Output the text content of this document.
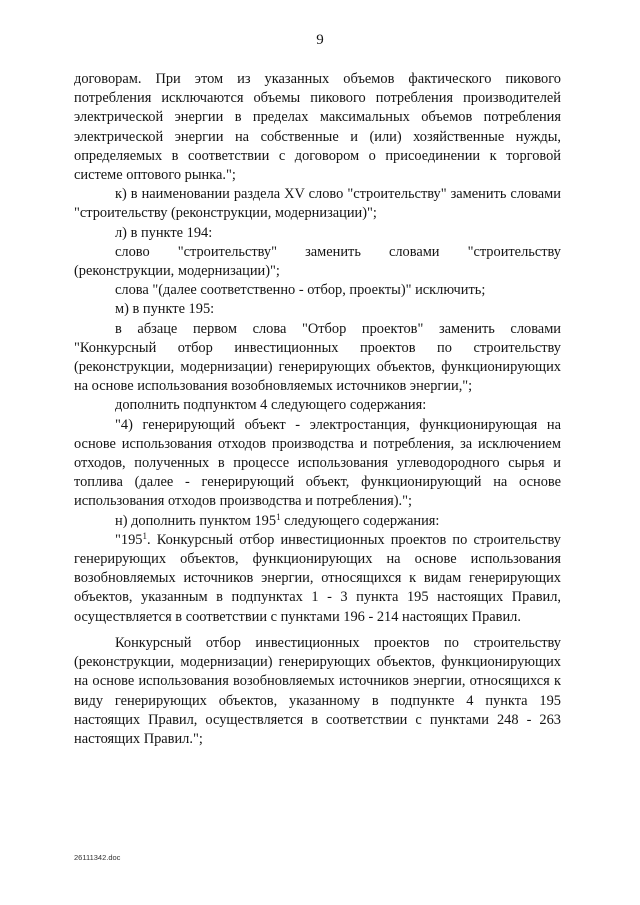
9

договорам. При этом из указанных объемов фактического пикового потребления исключаются объемы пикового потребления производителей электрической энергии в пределах максимальных объемов потребления электрической энергии на собственные и (или) хозяйственные нужды, определяемых в соответствии с договором о присоединении к торговой системе оптового рынка.";

к) в наименовании раздела XV слово "строительству" заменить словами "строительству (реконструкции, модернизации)";

л) в пункте 194:

слово "строительству" заменить словами "строительству (реконструкции, модернизации)";

слова "(далее соответственно - отбор, проекты)" исключить;

м) в пункте 195:

в абзаце первом слова "Отбор проектов" заменить словами "Конкурсный отбор инвестиционных проектов по строительству (реконструкции, модернизации) генерирующих объектов, функционирующих на основе использования возобновляемых источников энергии,";

дополнить подпунктом 4 следующего содержания:

"4) генерирующий объект - электростанция, функционирующая на основе использования отходов производства и потребления, за исключением отходов, полученных в процессе использования углеводородного сырья и топлива (далее - генерирующий объект, функционирующий на основе использования отходов производства и потребления).";

н) дополнить пунктом $195^1$ следующего содержания:

"$195^1$. Конкурсный отбор инвестиционных проектов по строительству генерирующих объектов, функционирующих на основе использования возобновляемых источников энергии, относящихся к видам генерирующих объектов, указанным в подпунктах 1 - 3 пункта 195 настоящих Правил, осуществляется в соответствии с пунктами 196 - 214 настоящих Правил.

Конкурсный отбор инвестиционных проектов по строительству (реконструкции, модернизации) генерирующих объектов, функционирующих на основе использования возобновляемых источников энергии, относящихся к виду генерирующих объектов, указанному в подпункте 4 пункта 195 настоящих Правил, осуществляется в соответствии с пунктами 248 - 263 настоящих Правил.";

26111342.doc
